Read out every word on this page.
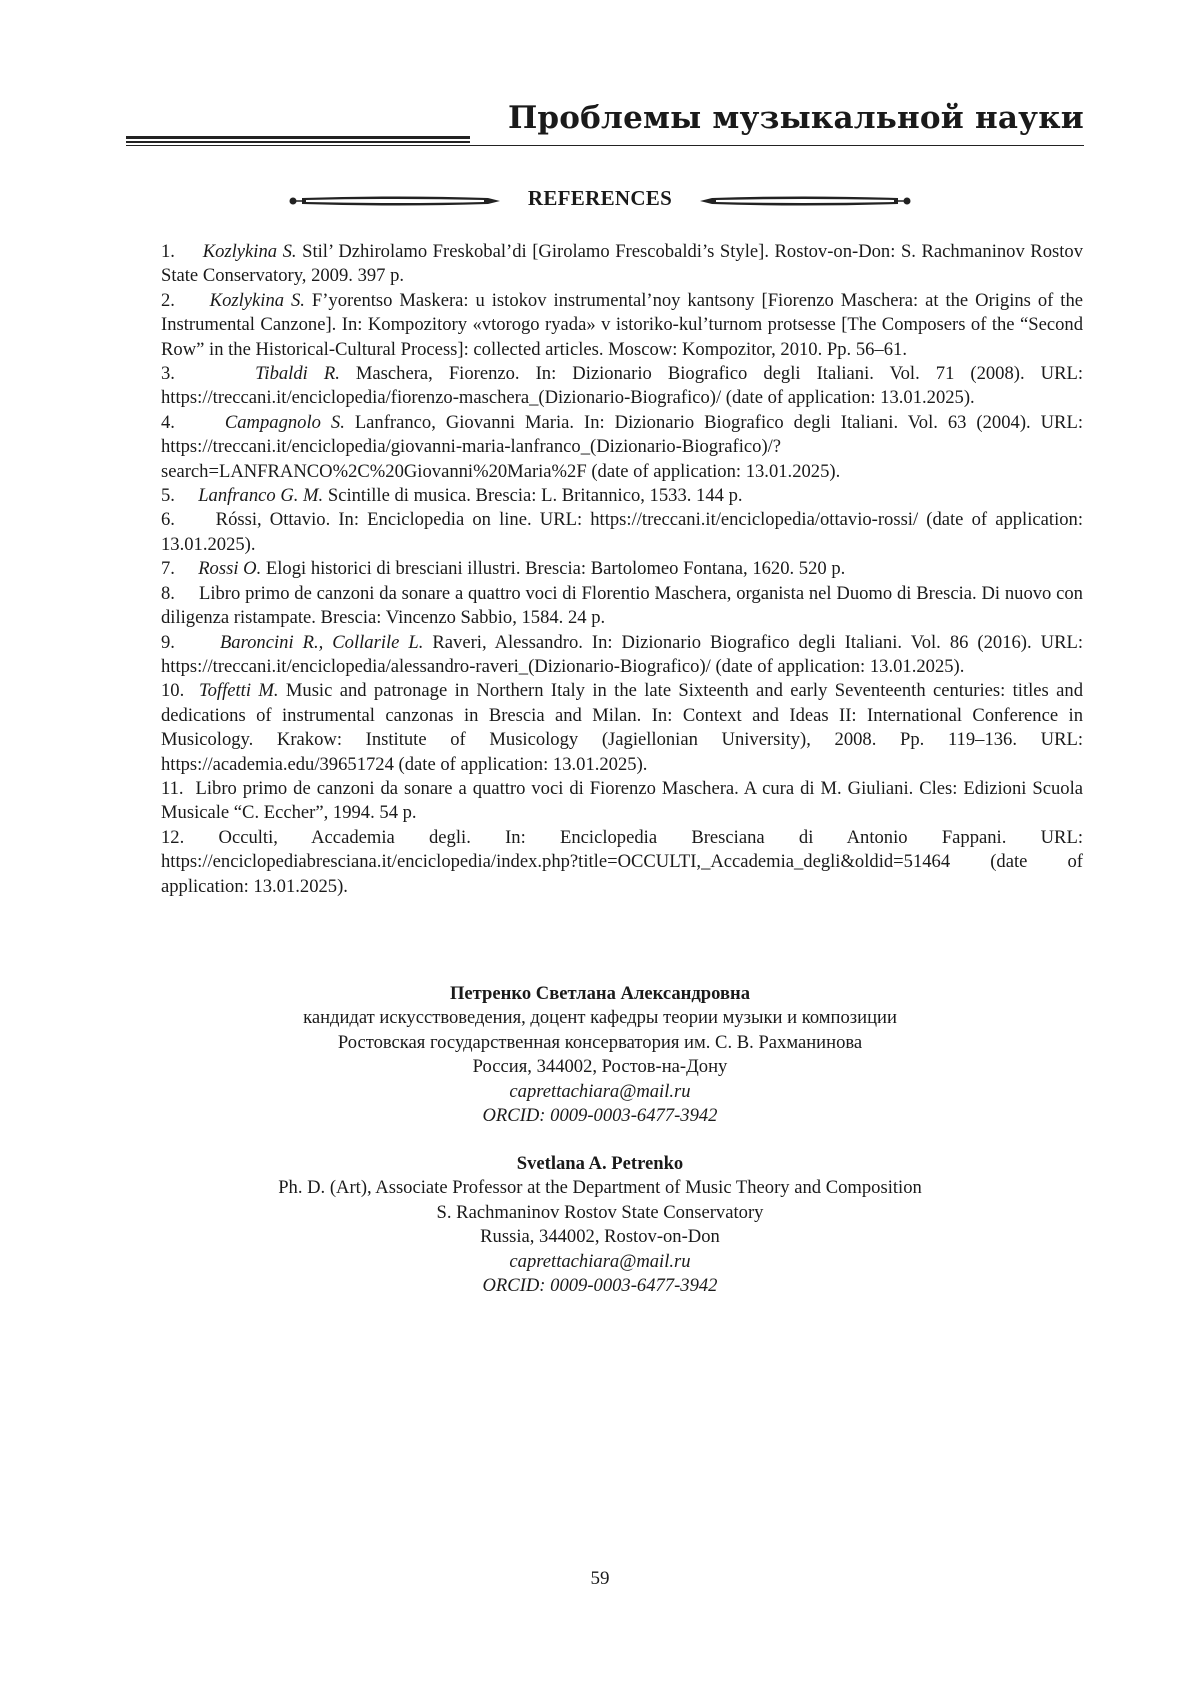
Проблемы музыкальной науки
REFERENCES

1. Kozlykina S. Stil’ Dzhirolamo Freskobal’di [Girolamo Frescobaldi’s Style]. Rostov-on-Don: S. Rachmaninov Rostov State Conservatory, 2009. 397 p.

2. Kozlykina S. F’yorentso Maskera: u istokov instrumental’noy kantsony [Fiorenzo Maschera: at the Origins of the Instrumental Canzone]. In: Kompozitory «vtorogo ryada» v istoriko-kul’turnom protsesse [The Composers of the “Second Row” in the Historical-Cultural Process]: collected articles. Moscow: Kompozitor, 2010. Pp. 56–61.

3.	Tibaldi R. Maschera, Fiorenzo. In: Dizionario Biografico degli Italiani. Vol. 71 (2008). URL: https://treccani.it/enciclopedia/fiorenzo-maschera_(Dizionario-Biografico)/ (date of application: 13.01.2025).

4.	Campagnolo S. Lanfranco, Giovanni Maria. In: Dizionario Biografico degli Italiani. Vol. 63 (2004). URL: https://treccani.it/enciclopedia/giovanni-maria-lanfranco_(Dizionario-Biografico)/?search=LANFRANCO%2C%20Giovanni%20Maria%2F (date of application: 13.01.2025).

5. Lanfranco G. M. Scintille di musica. Brescia: L. Britannico, 1533. 144 p.

6. Róssi, Ottavio. In: Enciclopedia on line. URL: https://treccani.it/enciclopedia/ottavio-rossi/ (date of application: 13.01.2025).

7. Rossi O. Elogi historici di bresciani illustri. Brescia: Bartolomeo Fontana, 1620. 520 p.

8. Libro primo de canzoni da sonare a quattro voci di Florentio Maschera, organista nel Duomo di Brescia. Di nuovo con diligenza ristampate. Brescia: Vincenzo Sabbio, 1584. 24 p.

9. Baroncini R., Collarile L. Raveri, Alessandro. In: Dizionario Biografico degli Italiani. Vol. 86 (2016). URL: https://treccani.it/enciclopedia/alessandro-raveri_(Dizionario-Biografico)/ (date of application: 13.01.2025).

10. Toffetti M. Music and patronage in Northern Italy in the late Sixteenth and early Seventeenth centuries: titles and dedications of instrumental canzonas in Brescia and Milan. In: Context and Ideas II: International Conference in Musicology. Krakow: Institute of Musicology (Jagiellonian University), 2008. Pp. 119–136. URL: https://academia.edu/39651724 (date of application: 13.01.2025).

11. Libro primo de canzoni da sonare a quattro voci di Fiorenzo Maschera. A cura di M. Giuliani. Cles: Edizioni Scuola Musicale “C. Eccher”, 1994. 54 p.

12. Occulti, Accademia degli. In: Enciclopedia Bresciana di Antonio Fappani. URL: https://enciclopediabresciana.it/enciclopedia/index.php?title=OCCULTI,_Accademia_degli&oldid=51464 (date of application: 13.01.2025).

Петренко Светлана Александровна
кандидат искусствоведения, доцент кафедры теории музыки и композиции
Ростовская государственная консерватория им. С. В. Рахманинова
Россия, 344002, Ростов-на-Дону
caprettachiara@mail.ru
ORCID: 0009-0003-6477-3942
Svetlana A. Petrenko
Ph. D. (Art), Associate Professor at the Department of Music Theory and Composition
S. Rachmaninov Rostov State Conservatory
Russia, 344002, Rostov-on-Don
caprettachiara@mail.ru
ORCID: 0009-0003-6477-3942
59
